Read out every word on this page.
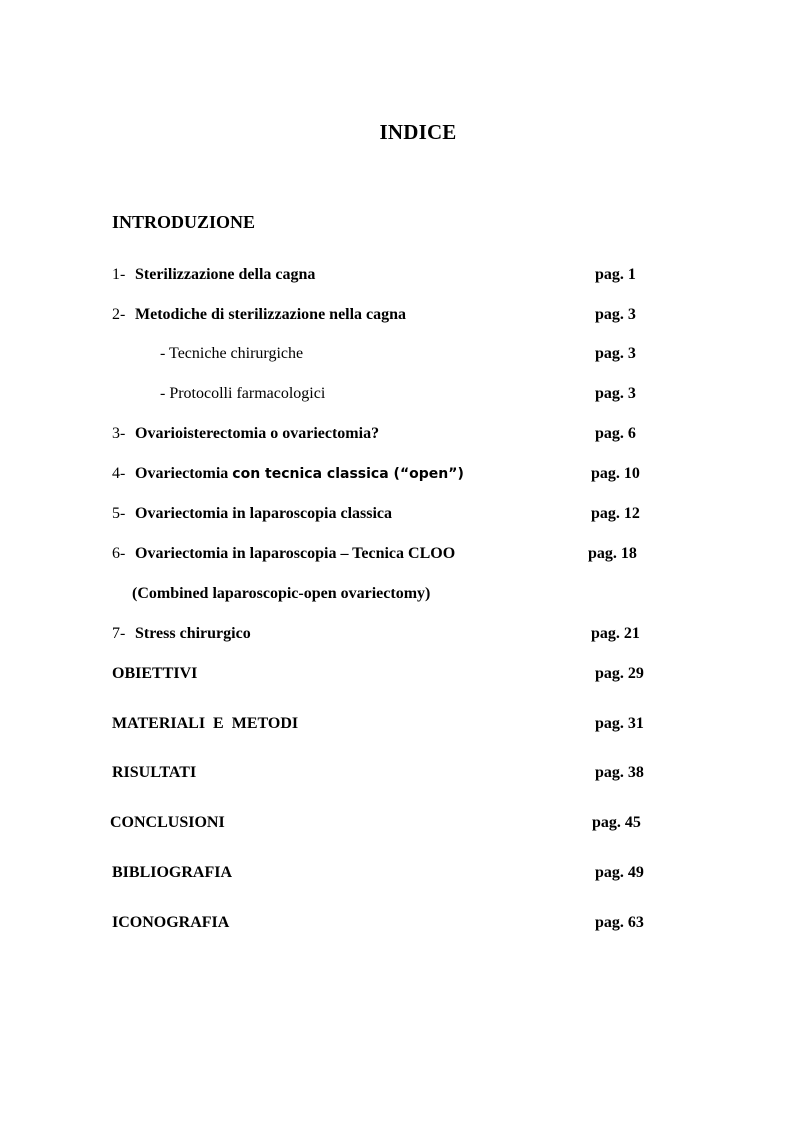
INDICE
INTRODUZIONE
1- Sterilizzazione della cagna	pag. 1
2- Metodiche di sterilizzazione nella cagna	pag. 3
- Tecniche chirurgiche	pag. 3
- Protocolli farmacologici	pag. 3
3- Ovarioisterectomia o ovariectomia?	pag. 6
4- Ovariectomia con tecnica classica (“open”)	pag. 10
5- Ovariectomia in laparoscopia classica	pag. 12
6- Ovariectomia in laparoscopia – Tecnica CLOO	pag. 18
(Combined laparoscopic-open ovariectomy)
7- Stress chirurgico	pag. 21
OBIETTIVI	pag. 29
MATERIALI  E  METODI	pag. 31
RISULTATI	pag. 38
CONCLUSIONI	pag. 45
BIBLIOGRAFIA	pag. 49
ICONOGRAFIA	pag. 63
